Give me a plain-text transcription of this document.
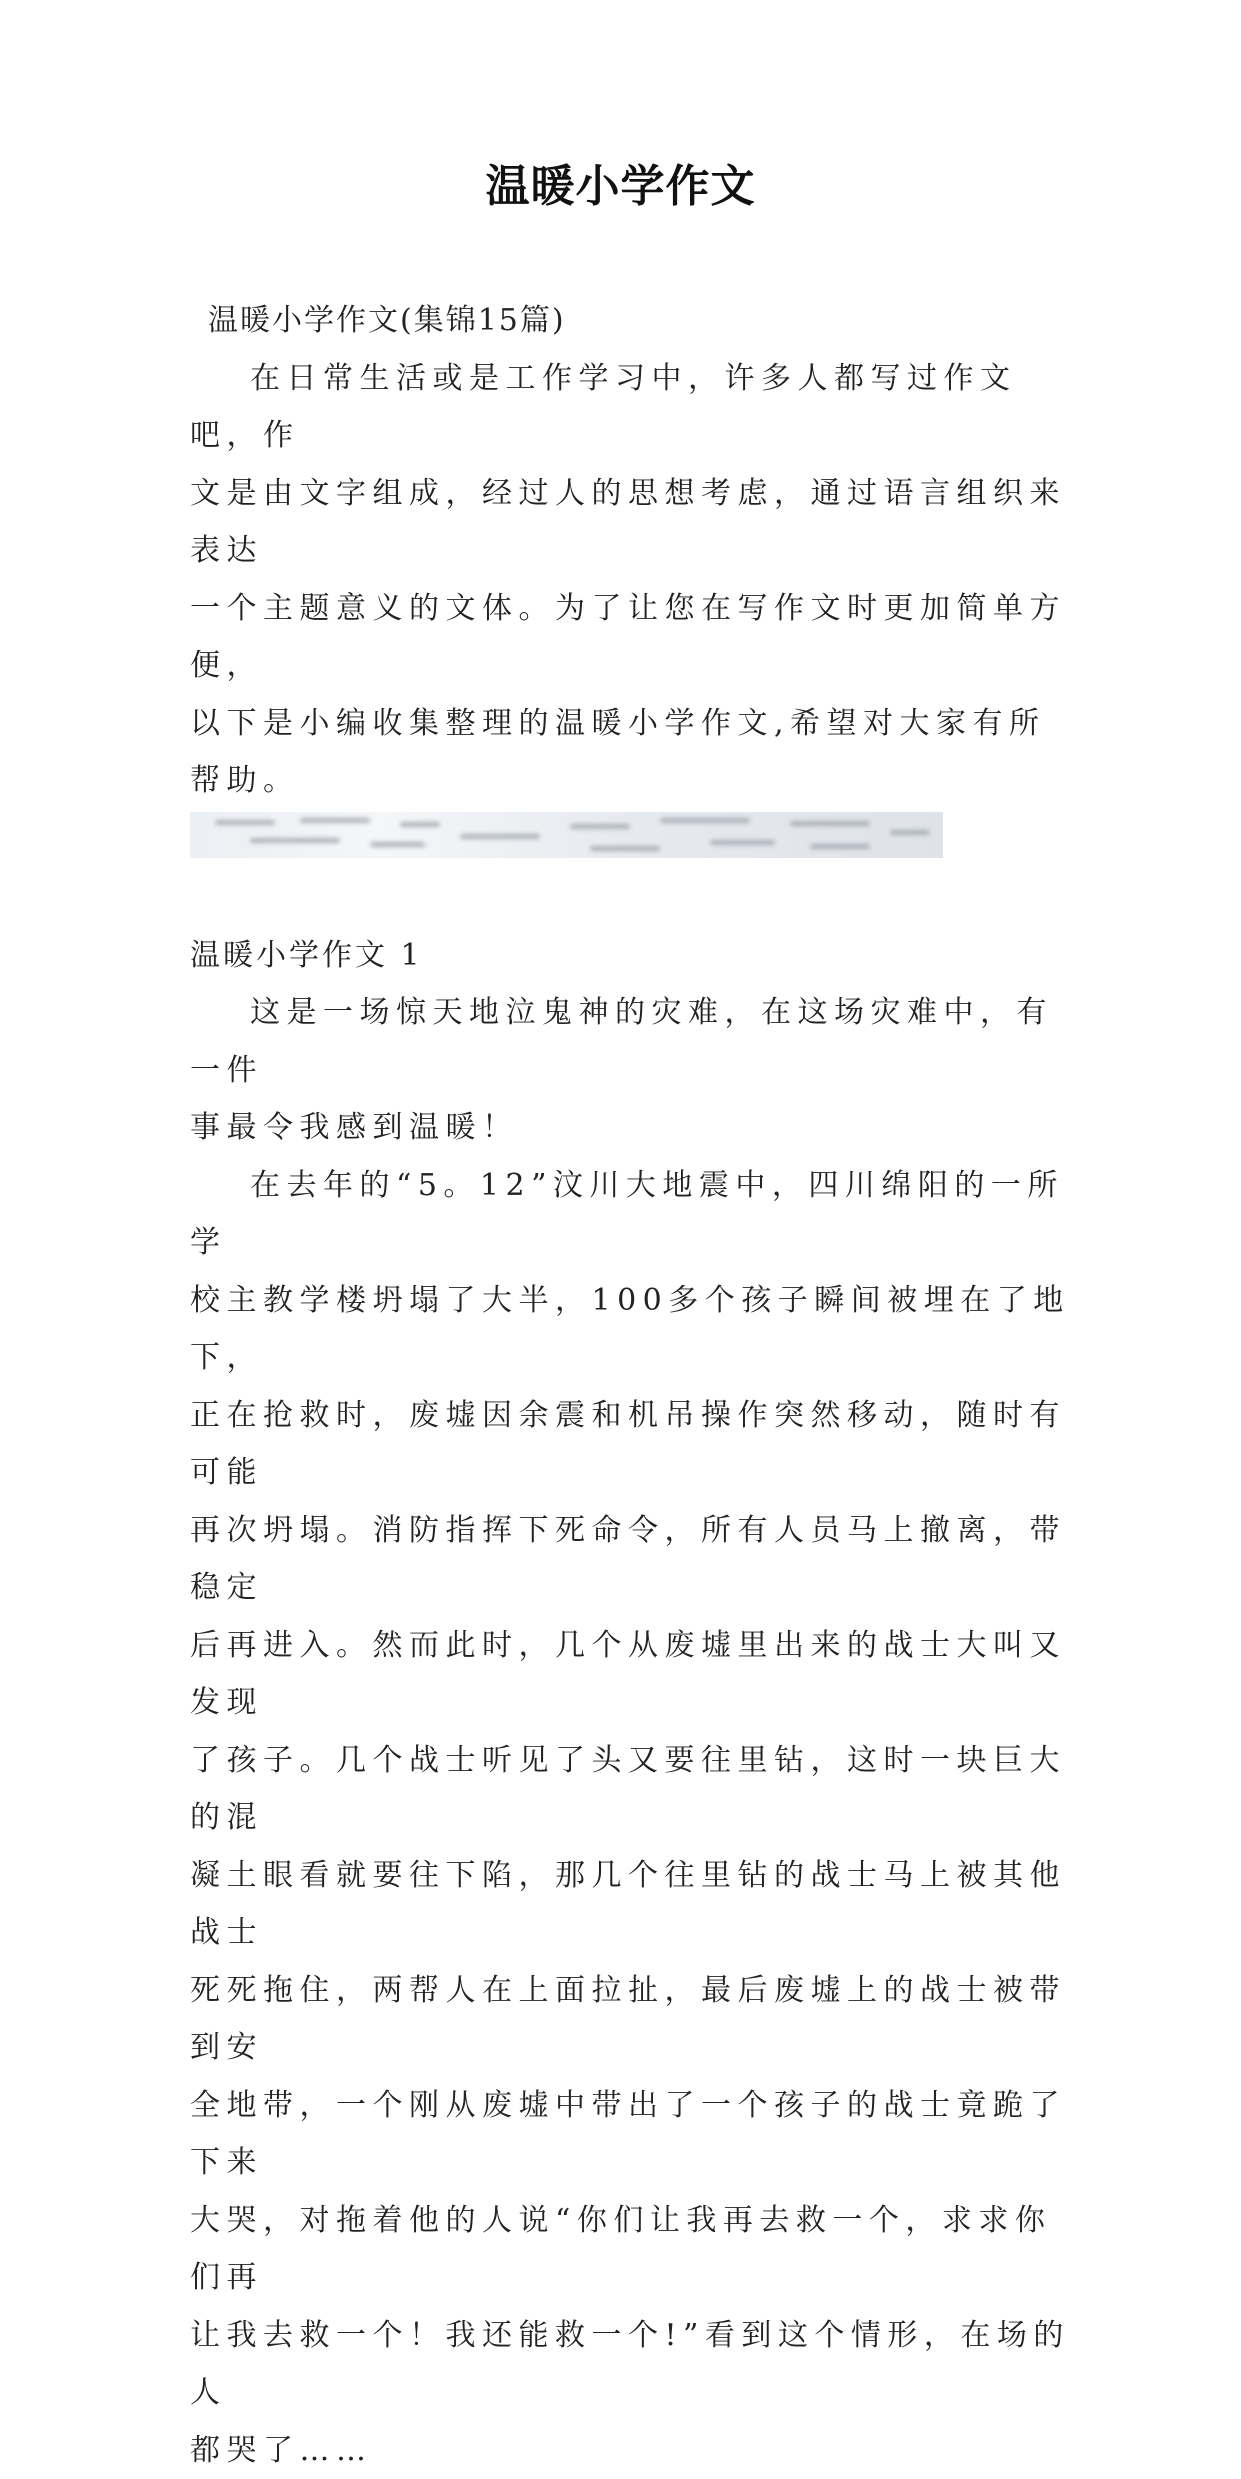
温暖小学作文

温暖小学作文(集锦15篇)

在日常生活或是工作学习中，许多人都写过作文吧，作

文是由文字组成，经过人的思想考虑，通过语言组织来表达

一个主题意义的文体。为了让您在写作文时更加简单方便，

以下是小编收集整理的温暖小学作文,希望对大家有所帮助。

温暖小学作文 1

这是一场惊天地泣鬼神的灾难，在这场灾难中，有一件

事最令我感到温暖！

在去年的“5。12”汶川大地震中，四川绵阳的一所学

校主教学楼坍塌了大半，100多个孩子瞬间被埋在了地下，

正在抢救时，废墟因余震和机吊操作突然移动，随时有可能

再次坍塌。消防指挥下死命令，所有人员马上撤离，带稳定

后再进入。然而此时，几个从废墟里出来的战士大叫又发现

了孩子。几个战士听见了头又要往里钻，这时一块巨大的混

凝土眼看就要往下陷，那几个往里钻的战士马上被其他战士

死死拖住，两帮人在上面拉扯，最后废墟上的战士被带到安

全地带，一个刚从废墟中带出了一个孩子的战士竟跪了下来

大哭，对拖着他的人说“你们让我再去救一个，求求你们再

让我去救一个！我还能救一个!”看到这个情形，在场的人

都哭了……
